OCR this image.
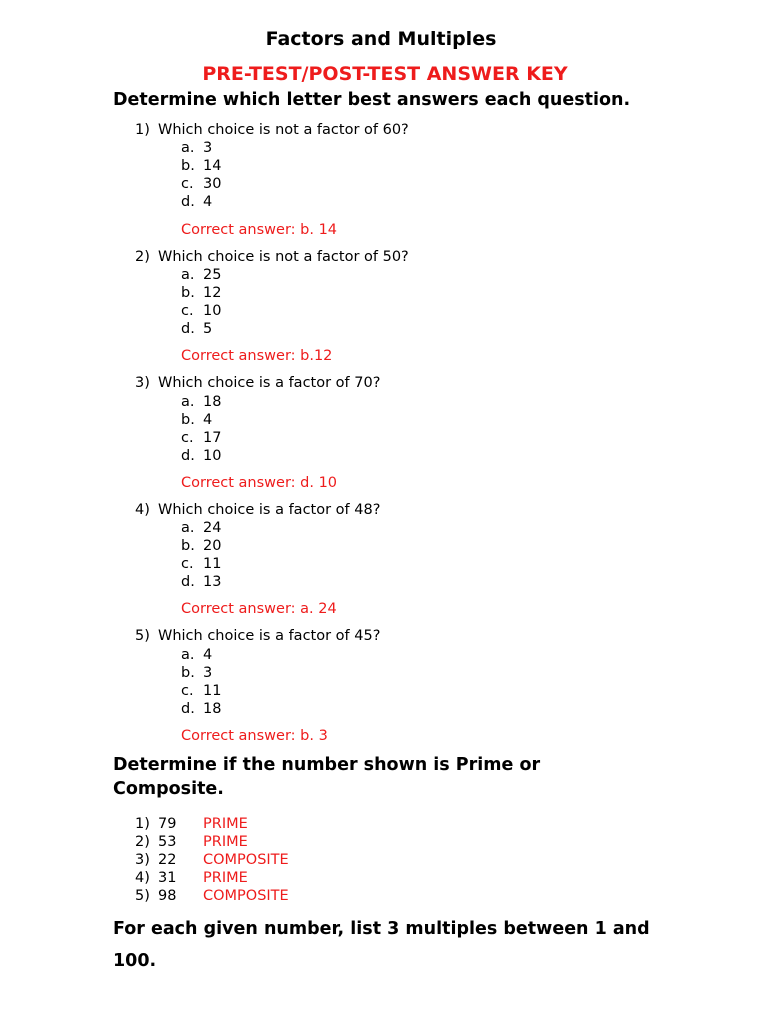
Factors and Multiples
PRE-TEST/POST-TEST ANSWER KEY
Determine which letter best answers each question.
1) Which choice is not a factor of 60?
a. 3
b. 14
c. 30
d. 4
Correct answer: b. 14
2) Which choice is not a factor of 50?
a. 25
b. 12
c. 10
d. 5
Correct answer: b.12
3) Which choice is a factor of 70?
a. 18
b. 4
c. 17
d. 10
Correct answer: d. 10
4) Which choice is a factor of 48?
a. 24
b. 20
c. 11
d. 13
Correct answer: a. 24
5) Which choice is a factor of 45?
a. 4
b. 3
c. 11
d. 18
Correct answer: b. 3
Determine if the number shown is Prime or
Composite.
1) 79 PRIME
2) 53 PRIME
3) 22 COMPOSITE
4) 31 PRIME
5) 98 COMPOSITE
For each given number, list 3 multiples between 1 and
100.
